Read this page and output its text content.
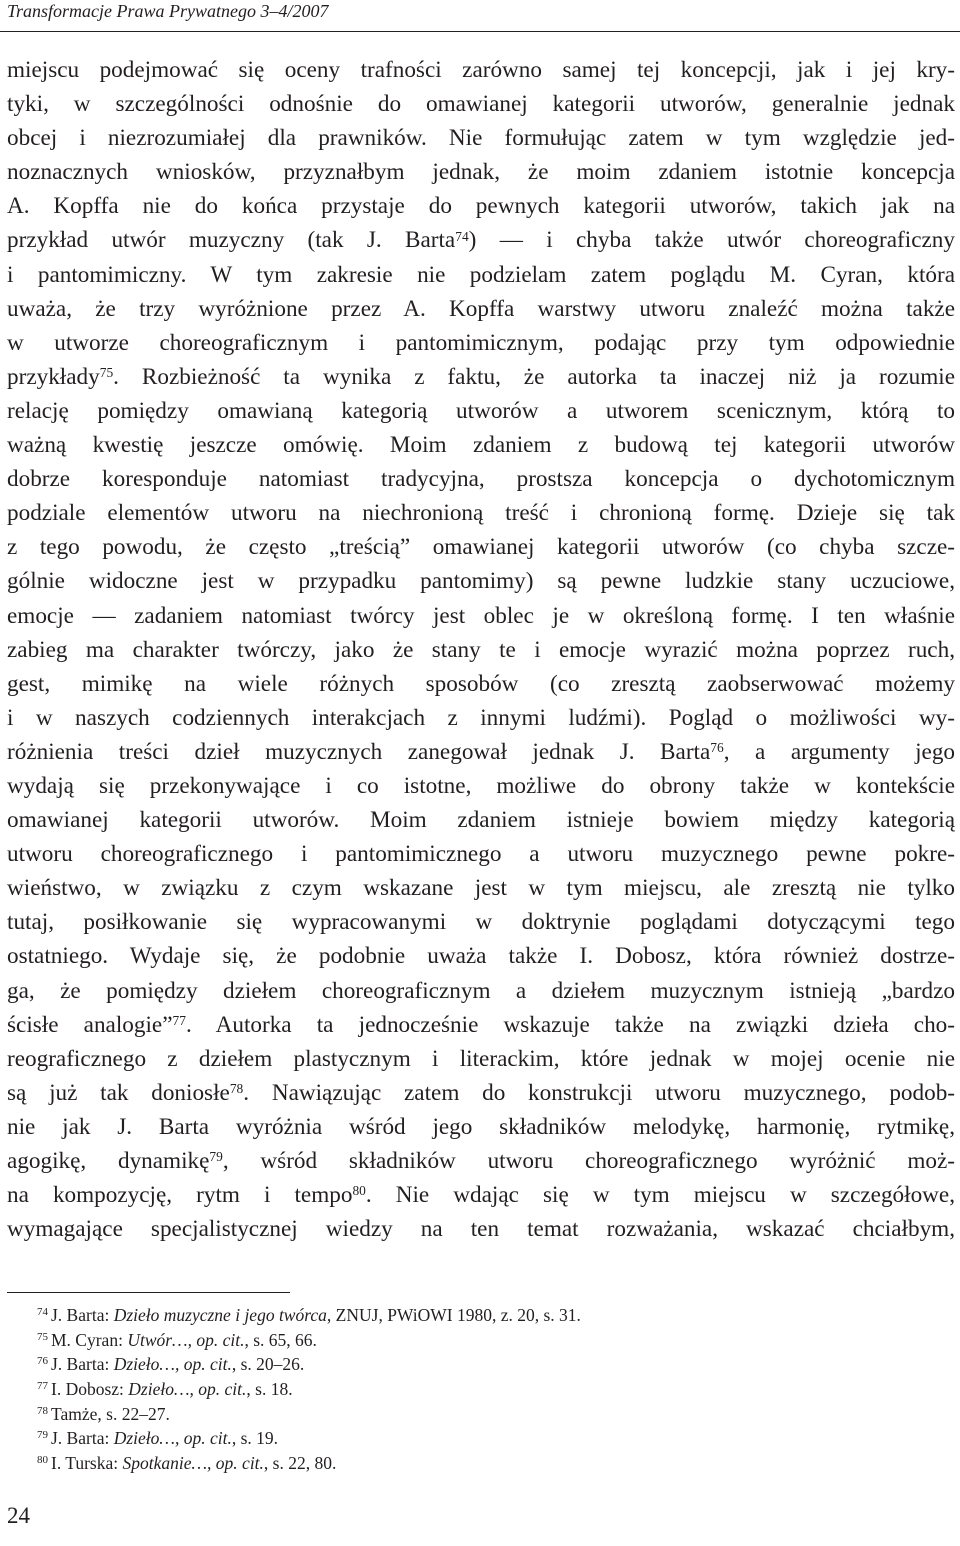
Transformacje Prawa Prywatnego 3–4/2007
miejscu podejmować się oceny trafności zarówno samej tej koncepcji, jak i jej kry-
tyki, w szczególności odnośnie do omawianej kategorii utworów, generalnie jednak
obcej i niezrozumiałej dla prawników. Nie formułując zatem w tym względzie jed-
noznacznych wniosków, przyznałbym jednak, że moim zdaniem istotnie koncepcja
A. Kopffa nie do końca przystaje do pewnych kategorii utworów, takich jak na
przykład utwór muzyczny (tak J. Barta$^{74}$) — i chyba także utwór choreograficzny
i pantomimiczny. W tym zakresie nie podzielam zatem poglądu M. Cyran, która
uważa, że trzy wyróżnione przez A. Kopffa warstwy utworu znaleźć można także
w utworze choreograficznym i pantomimicznym, podając przy tym odpowiednie
przykłady$^{75}$. Rozbieżność ta wynika z faktu, że autorka ta inaczej niż ja rozumie
relację pomiędzy omawianą kategorią utworów a utworem scenicznym, którą to
ważną kwestię jeszcze omówię. Moim zdaniem z budową tej kategorii utworów
dobrze koresponduje natomiast tradycyjna, prostsza koncepcja o dychotomicznym
podziale elementów utworu na niechronioną treść i chronioną formę. Dzieje się tak
z tego powodu, że często „treścią” omawianej kategorii utworów (co chyba szcze-
gólnie widoczne jest w przypadku pantomimy) są pewne ludzkie stany uczuciowe,
emocje — zadaniem natomiast twórcy jest oblec je w określoną formę. I ten właśnie
zabieg ma charakter twórczy, jako że stany te i emocje wyrazić można poprzez ruch,
gest, mimikę na wiele różnych sposobów (co zresztą zaobserwować możemy
i w naszych codziennych interakcjach z innymi ludźmi). Pogląd o możliwości wy-
różnienia treści dzieł muzycznych zanegował jednak J. Barta$^{76}$, a argumenty jego
wydają się przekonywające i co istotne, możliwe do obrony także w kontekście
omawianej kategorii utworów. Moim zdaniem istnieje bowiem między kategorią
utworu choreograficznego i pantomimicznego a utworu muzycznego pewne pokre-
wieństwo, w związku z czym wskazane jest w tym miejscu, ale zresztą nie tylko
tutaj, posiłkowanie się wypracowanymi w doktrynie poglądami dotyczącymi tego
ostatniego. Wydaje się, że podobnie uważa także I. Dobosz, która również dostrze-
ga, że pomiędzy dziełem choreograficznym a dziełem muzycznym istnieją „bardzo
ścisłe analogie”$^{77}$. Autorka ta jednocześnie wskazuje także na związki dzieła cho-
reograficznego z dziełem plastycznym i literackim, które jednak w mojej ocenie nie
są już tak doniosłe$^{78}$. Nawiązując zatem do konstrukcji utworu muzycznego, podob-
nie jak J. Barta wyróżnia wśród jego składników melodykę, harmonię, rytmikę,
agogikę, dynamikę$^{79}$, wśród składników utworu choreograficznego wyróżnić moż-
na kompozycję, rytm i tempo$^{80}$. Nie wdając się w tym miejscu w szczegółowe,
wymagające specjalistycznej wiedzy na ten temat rozważania, wskazać chciałbym,
$^{74}$ J. Barta: Dzieło muzyczne i jego twórca, ZNUJ, PWiOWI 1980, z. 20, s. 31.
$^{75}$ M. Cyran: Utwór…, op. cit., s. 65, 66.
$^{76}$ J. Barta: Dzieło…, op. cit., s. 20–26.
$^{77}$ I. Dobosz: Dzieło…, op. cit., s. 18.
$^{78}$ Tamże, s. 22–27.
$^{79}$ J. Barta: Dzieło…, op. cit., s. 19.
$^{80}$ I. Turska: Spotkanie…, op. cit., s. 22, 80.
24
